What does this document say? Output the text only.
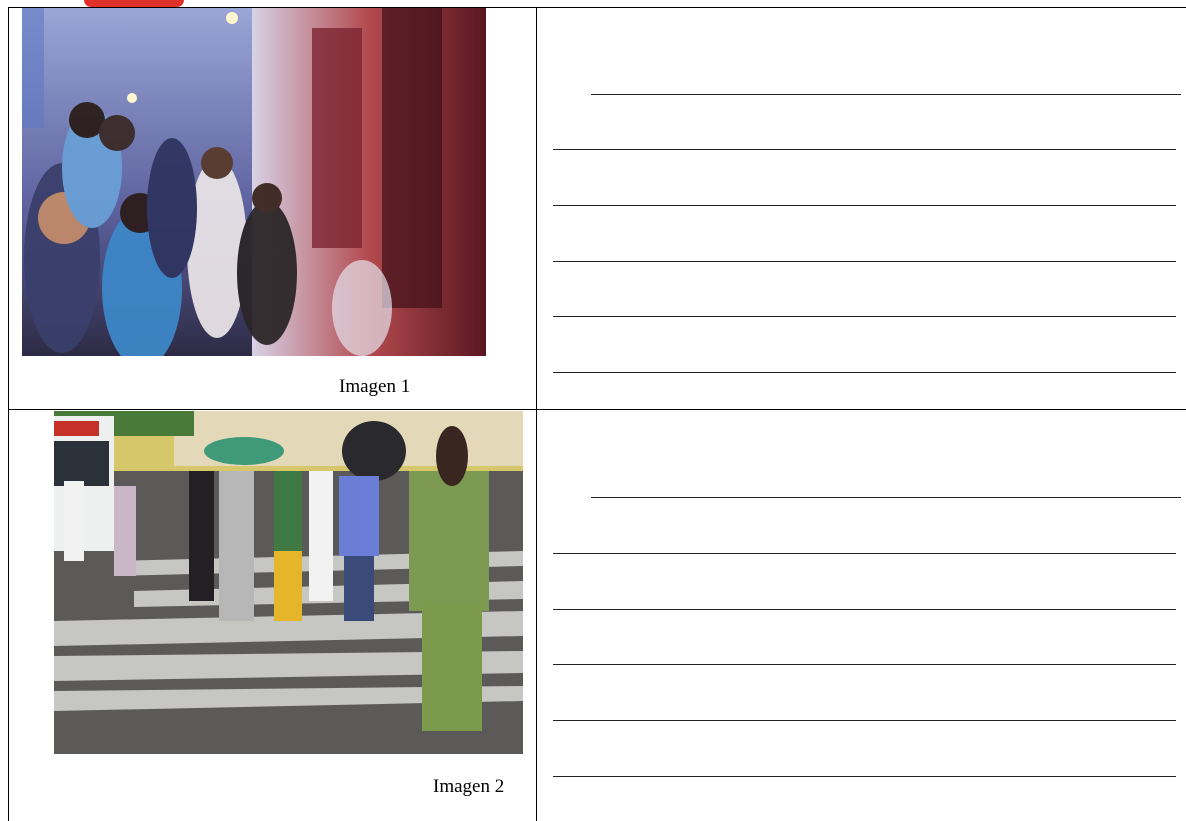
Imagen 1
Imagen 2
